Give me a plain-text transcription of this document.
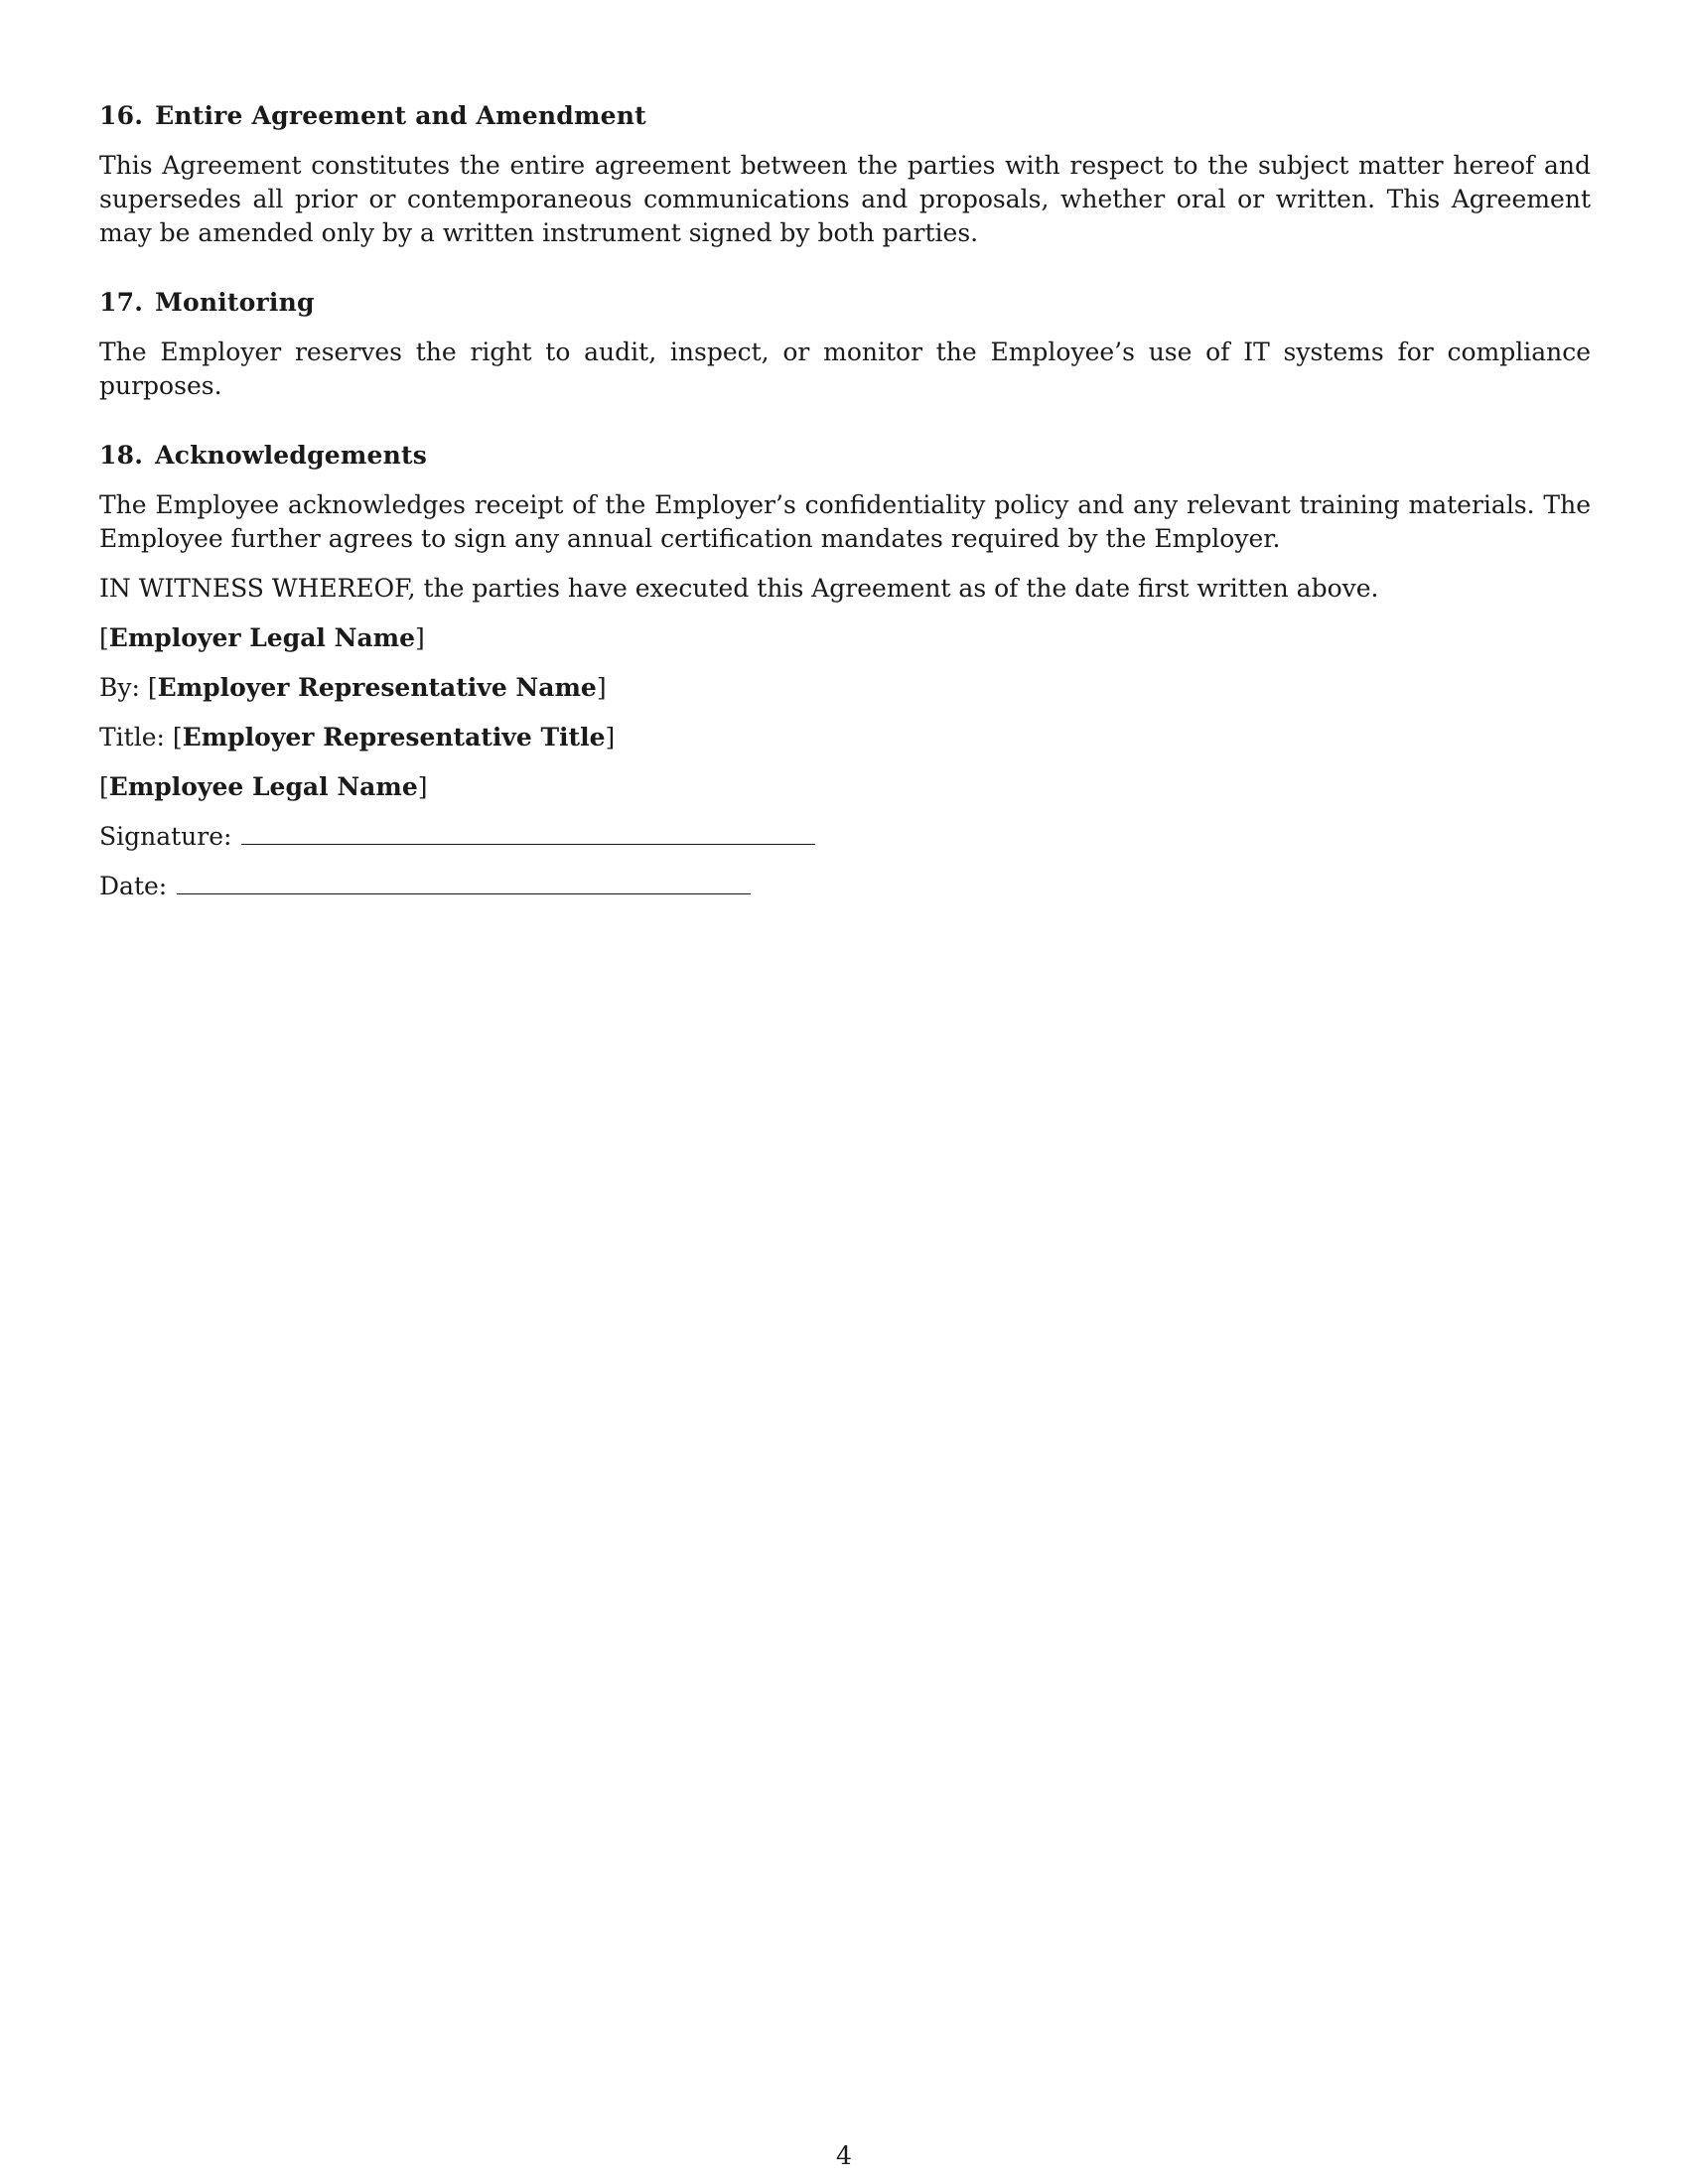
16. Entire Agreement and Amendment

This Agreement constitutes the entire agreement between the parties with respect to the subject matter hereof and supersedes all prior or contemporaneous communications and proposals, whether oral or written. This Agreement may be amended only by a written instrument signed by both parties.

17. Monitoring

The Employer reserves the right to audit, inspect, or monitor the Employee’s use of IT systems for compliance purposes.

18. Acknowledgements

The Employee acknowledges receipt of the Employer’s confidentiality policy and any relevant training materials. The Employee further agrees to sign any annual certification mandates required by the Employer.

IN WITNESS WHEREOF, the parties have executed this Agreement as of the date first written above.

[Employer Legal Name]

By: [Employer Representative Name]

Title: [Employer Representative Title]

[Employee Legal Name]

Signature:

Date:

4
